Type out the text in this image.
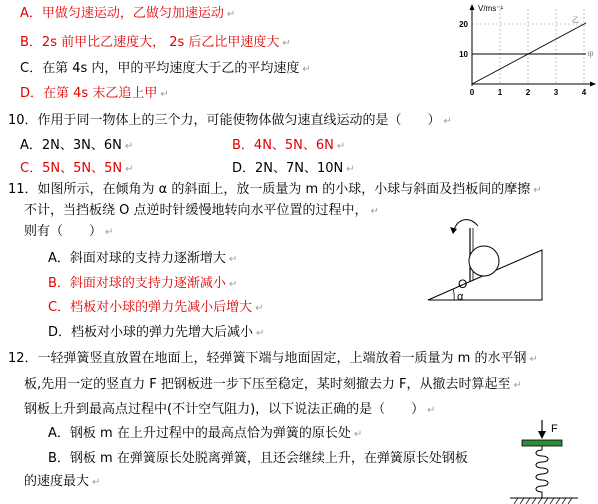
A．甲做匀速运动，乙做匀加速运动 ↵
B．2s 前甲比乙速度大， 2s 后乙比甲速度大 ↵
C．在第 4s 内，甲的平均速度大于乙的平均速度 ↵
D．在第 4s 末乙追上甲 ↵
V/ms⁻¹
20
10
0	1	2	3	4
乙
甲
10．作用于同一物体上的三个力，可能使物体做匀速直线运动的是（　　） ↵
A．2N、3N、6N ↵	B．4N、5N、6N ↵
C．5N、5N、5N ↵	D．2N、7N、10N ↵
11．如图所示，在倾角为 α 的斜面上，放一质量为 m 的小球，小球与斜面及挡板间的摩擦 ↵
不计，当挡板绕 O 点逆时针缓慢地转向水平位置的过程中， ↵
则有（　　） ↵
A．斜面对球的支持力逐渐增大 ↵
B．斜面对球的支持力逐渐减小 ↵
C．档板对小球的弹力先减小后增大 ↵
D．档板对小球的弹力先增大后减小 ↵
O
α
12．一轻弹簧竖直放置在地面上，轻弹簧下端与地面固定，上端放着一质量为 m 的水平钢 ↵
板,先用一定的竖直力 F 把钢板进一步下压至稳定，某时刻撤去力 F，从撤去时算起至 ↵
钢板上升到最高点过程中(不计空气阻力)，以下说法正确的是（　　） ↵
A．钢板 m 在上升过程中的最高点恰为弹簧的原长处 ↵
B．钢板 m 在弹簧原长处脱离弹簧，且还会继续上升，在弹簧原长处钢板
的速度最大 ↵
F
